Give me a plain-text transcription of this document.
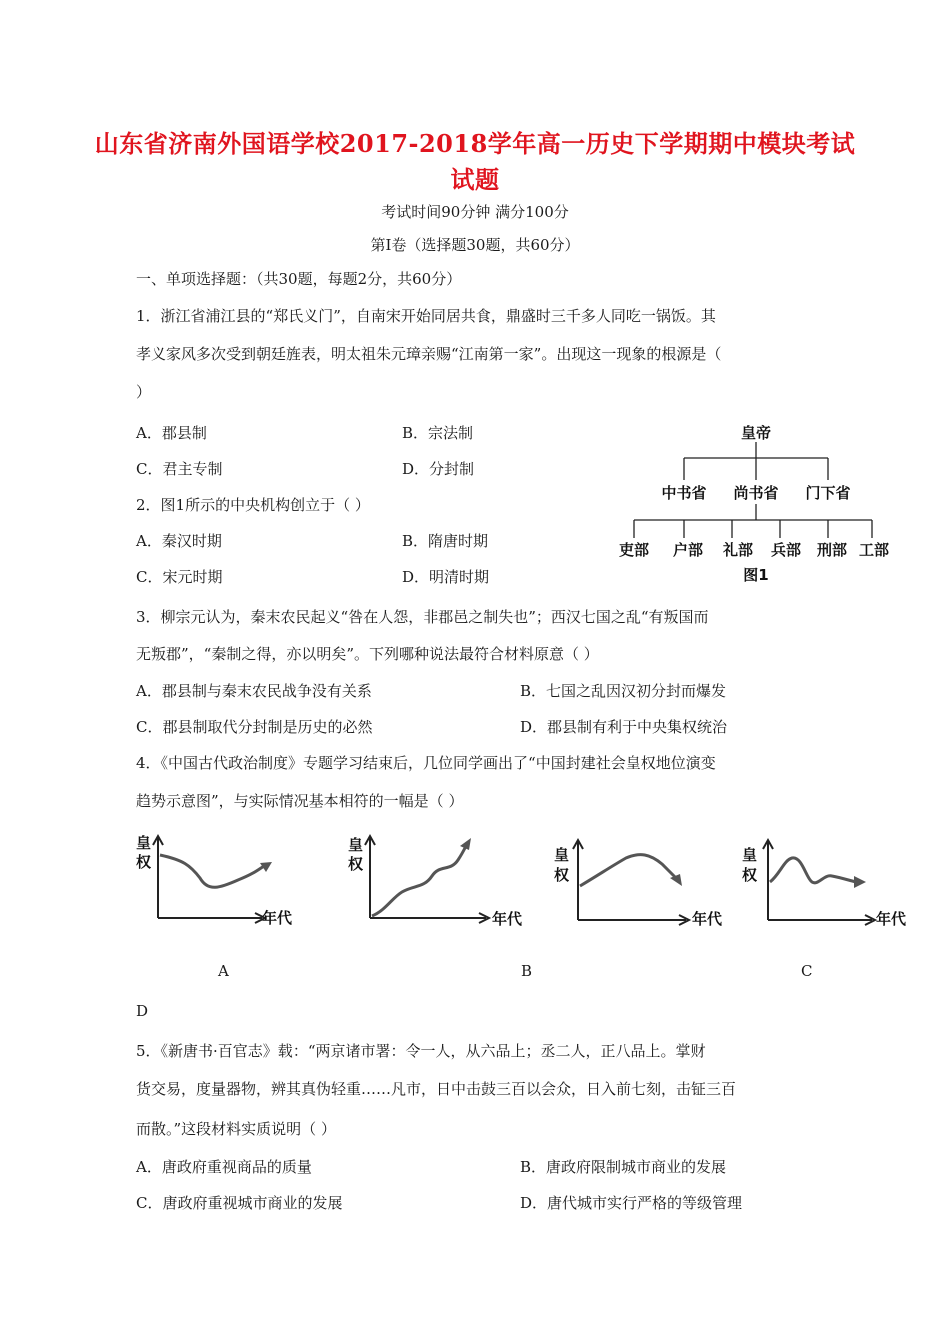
山东省济南外国语学校2017-2018学年高一历史下学期期中模块考试
试题
考试时间90分钟 满分100分
第Ⅰ卷（选择题30题，共60分）
一、单项选择题：（共30题，每题2分，共60分）
1．浙江省浦江县的“郑氏义门”，自南宋开始同居共食，鼎盛时三千多人同吃一锅饭。其
孝义家风多次受到朝廷旌表，明太祖朱元璋亲赐“江南第一家”。出现这一现象的根源是（
）
A．郡县制	B．宗法制
C．君主专制	D．分封制
2．图1所示的中央机构创立于（ ）
A．秦汉时期	B．隋唐时期
C．宋元时期	D．明清时期
皇帝
中书省 尚书省 门下省
吏部 户部 礼部 兵部 刑部 工部
图1
3．柳宗元认为，秦末农民起义“咎在人怨，非郡邑之制失也”；西汉七国之乱“有叛国而
无叛郡”，“秦制之得，亦以明矣”。下列哪种说法最符合材料原意（ ）
A．郡县制与秦末农民战争没有关系	B．七国之乱因汉初分封而爆发
C．郡县制取代分封制是历史的必然	D．郡县制有利于中央集权统治
4．《中国古代政治制度》专题学习结束后，几位同学画出了“中国封建社会皇权地位演变
趋势示意图”，与实际情况基本相符的一幅是（ ）
皇
权
年代
皇
权
年代
皇
权
年代
皇
权
年代
A	B	C
D
5．《新唐书·百官志》载：“两京诸市署：令一人，从六品上；丞二人，正八品上。掌财
货交易，度量器物，辨其真伪轻重……凡市，日中击鼓三百以会众，日入前七刻，击钲三百
而散。”这段材料实质说明（ ）
A．唐政府重视商品的质量	B．唐政府限制城市商业的发展
C．唐政府重视城市商业的发展	D．唐代城市实行严格的等级管理
